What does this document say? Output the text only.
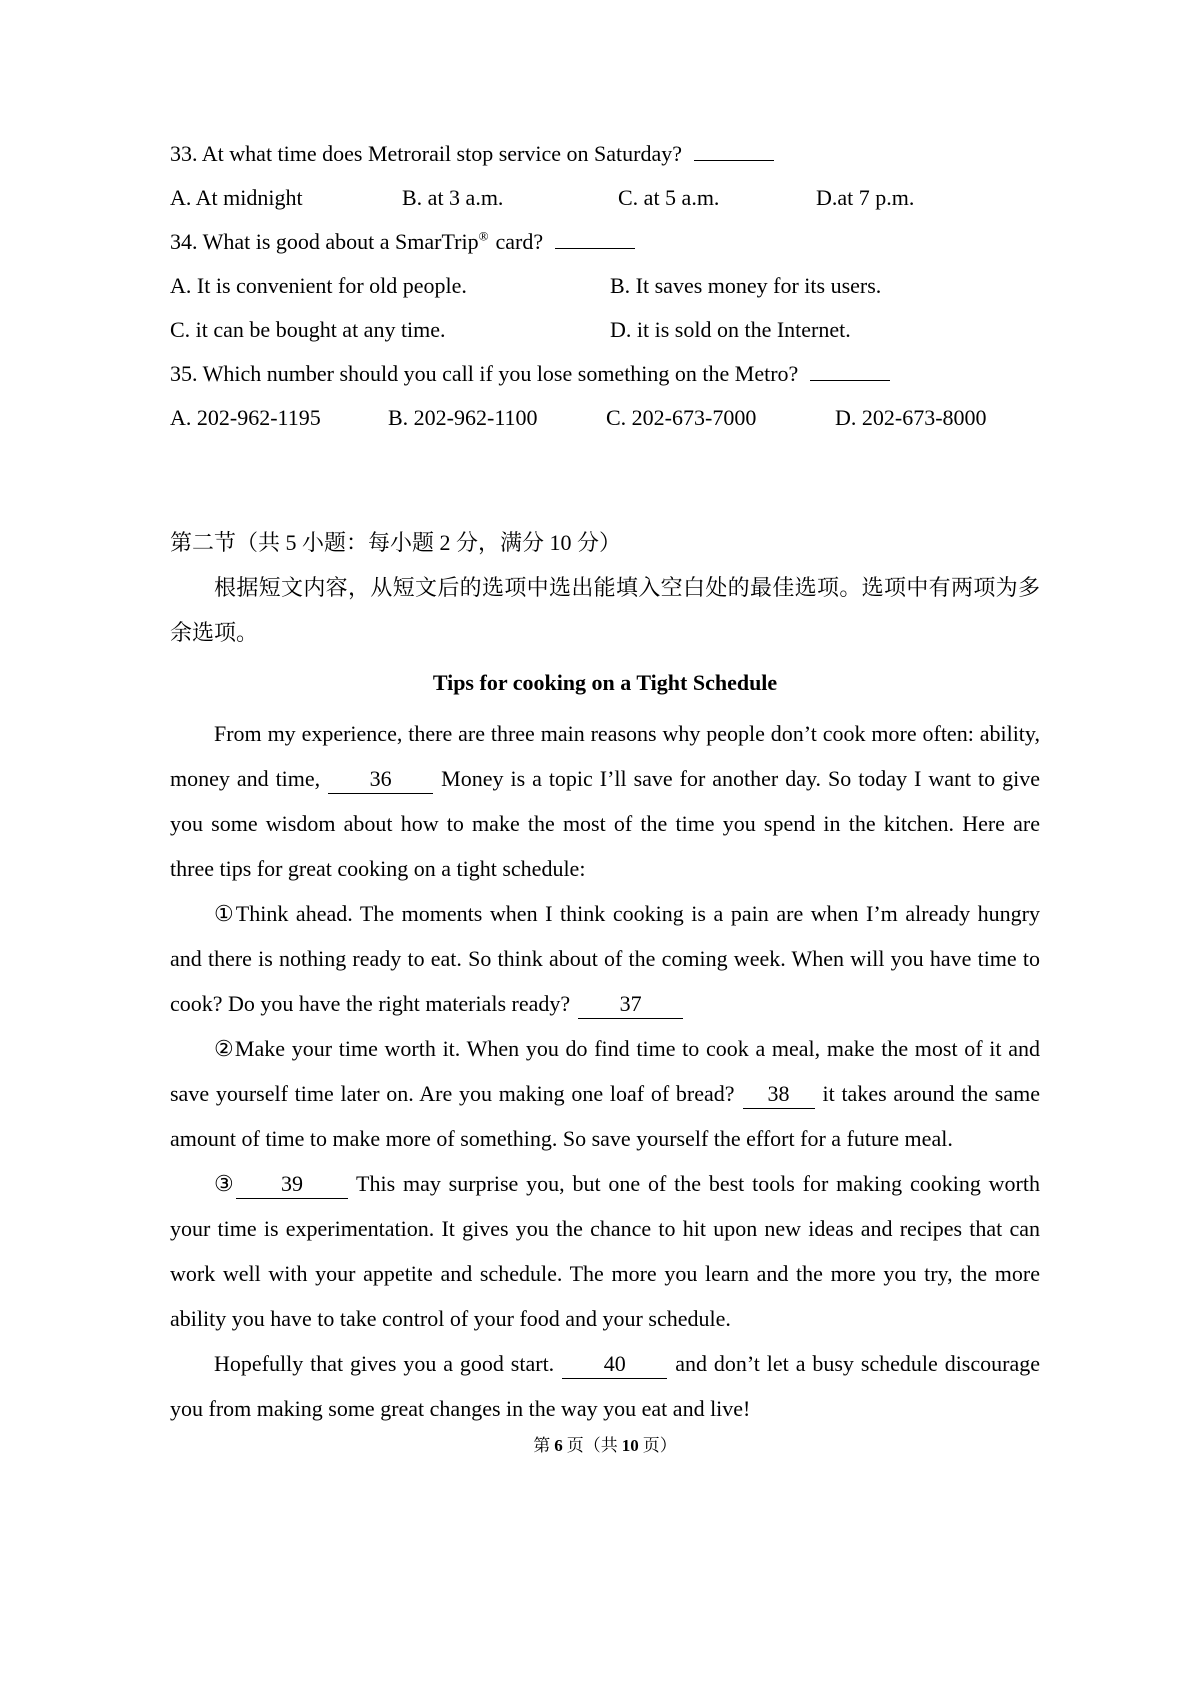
33. At what time does Metrorail stop service on Saturday?
A. At midnight	B. at 3 a.m.	C. at 5 a.m.	D.at 7 p.m.
34. What is good about a SmarTrip® card?
A. It is convenient for old people.	B. It saves money for its users.
C. it can be bought at any time.	D. it is sold on the Internet.
35. Which number should you call if you lose something on the Metro?
A. 202-962-1195	B. 202-962-1100	C. 202-673-7000	D. 202-673-8000
第二节（共 5 小题：每小题 2 分，满分 10 分）

根据短文内容，从短文后的选项中选出能填入空白处的最佳选项。选项中有两项为多余选项。

Tips for cooking on a Tight Schedule

From my experience, there are three main reasons why people don’t cook more often: ability, money and time, 36 Money is a topic I’ll save for another day. So today I want to give you some wisdom about how to make the most of the time you spend in the kitchen. Here are three tips for great cooking on a tight schedule:

①Think ahead. The moments when I think cooking is a pain are when I’m already hungry and there is nothing ready to eat. So think about of the coming week. When will you have time to cook? Do you have the right materials ready? 37

②Make your time worth it. When you do find time to cook a meal, make the most of it and save yourself time later on. Are you making one loaf of bread? 38 it takes around the same amount of time to make more of something. So save yourself the effort for a future meal.

③ 39 This may surprise you, but one of the best tools for making cooking worth your time is experimentation. It gives you the chance to hit upon new ideas and recipes that can work well with your appetite and schedule. The more you learn and the more you try, the more ability you have to take control of your food and your schedule.

Hopefully that gives you a good start. 40 and don’t let a busy schedule discourage you from making some great changes in the way you eat and live!

第 6 页（共 10 页）
